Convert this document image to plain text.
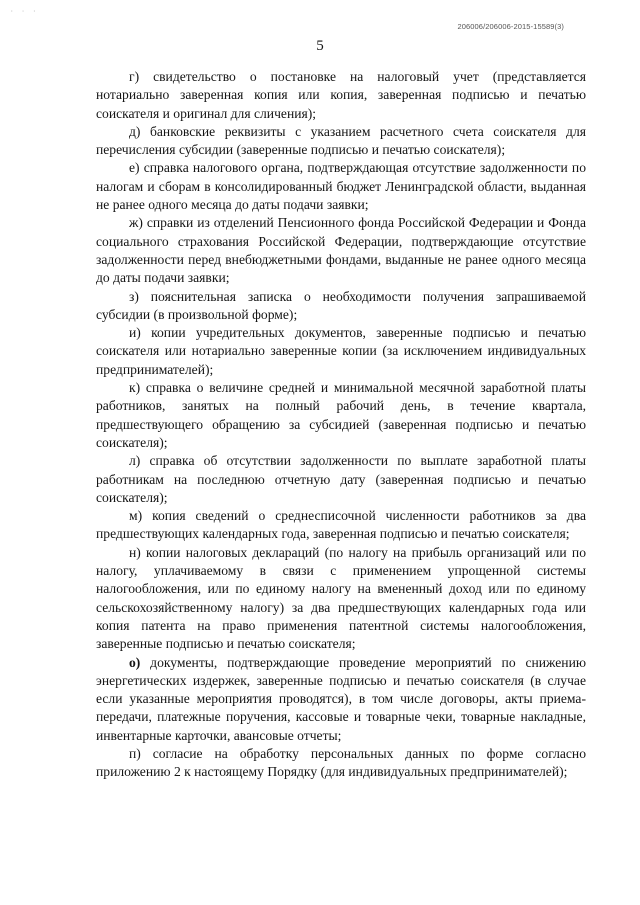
· · ·
206006/206006-2015-15589(3)
5

г) свидетельство о постановке на налоговый учет (представляется нотариально заверенная копия или копия, заверенная подписью и печатью соискателя и оригинал для сличения);

д) банковские реквизиты с указанием расчетного счета соискателя для перечисления субсидии (заверенные подписью и печатью соискателя);

е) справка налогового органа, подтверждающая отсутствие задолженности по налогам и сборам в консолидированный бюджет Ленинградской области, выданная не ранее одного месяца до даты подачи заявки;

ж) справки из отделений Пенсионного фонда Российской Федерации и Фонда социального страхования Российской Федерации, подтверждающие отсутствие задолженности перед внебюджетными фондами, выданные не ранее одного месяца до даты подачи заявки;

з) пояснительная записка о необходимости получения запрашиваемой субсидии (в произвольной форме);

и) копии учредительных документов, заверенные подписью и печатью соискателя или нотариально заверенные копии (за исключением индивидуальных предпринимателей);

к) справка о величине средней и минимальной месячной заработной платы работников, занятых на полный рабочий день, в течение квартала, предшествующего обращению за субсидией (заверенная подписью и печатью соискателя);

л) справка об отсутствии задолженности по выплате заработной платы работникам на последнюю отчетную дату (заверенная подписью и печатью соискателя);

м) копия сведений о среднесписочной численности работников за два предшествующих календарных года, заверенная подписью и печатью соискателя;

н) копии налоговых деклараций (по налогу на прибыль организаций или по налогу, уплачиваемому в связи с применением упрощенной системы налогообложения, или по единому налогу на вмененный доход или по единому сельскохозяйственному налогу) за два предшествующих календарных года или копия патента на право применения патентной системы налогообложения, заверенные подписью и печатью соискателя;

о) документы, подтверждающие проведение мероприятий по снижению энергетических издержек, заверенные подписью и печатью соискателя (в случае если указанные мероприятия проводятся), в том числе договоры, акты приема-передачи, платежные поручения, кассовые и товарные чеки, товарные накладные, инвентарные карточки, авансовые отчеты;

п) согласие на обработку персональных данных по форме согласно приложению 2 к настоящему Порядку (для индивидуальных предпринимателей);
